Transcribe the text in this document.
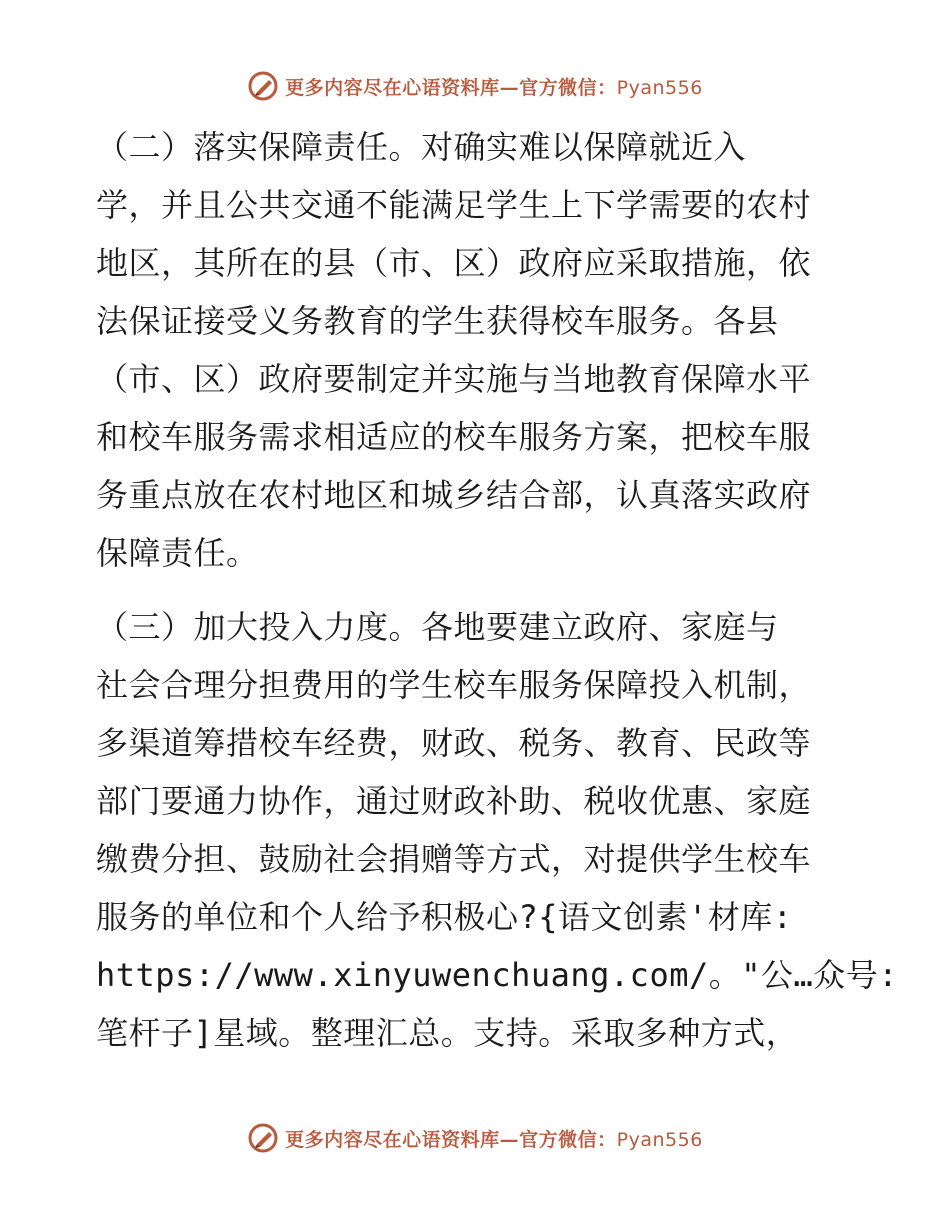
更多内容尽在心语资料库—官方微信：Pyan556
（二）落实保障责任。对确实难以保障就近入
学，并且公共交通不能满足学生上下学需要的农村
地区，其所在的县（市、区）政府应采取措施，依
法保证接受义务教育的学生获得校车服务。各县
（市、区）政府要制定并实施与当地教育保障水平
和校车服务需求相适应的校车服务方案，把校车服
务重点放在农村地区和城乡结合部，认真落实政府
保障责任。
（三）加大投入力度。各地要建立政府、家庭与
社会合理分担费用的学生校车服务保障投入机制，
多渠道筹措校车经费，财政、税务、教育、民政等
部门要通力协作，通过财政补助、税收优惠、家庭
缴费分担、鼓励社会捐赠等方式，对提供学生校车
服务的单位和个人给予积极心?{语文创素'材库:
https://www.xinyuwenchuang.com/。"公…众号:
笔杆子]星域。整理汇总。支持。采取多种方式，
更多内容尽在心语资料库—官方微信：Pyan556
